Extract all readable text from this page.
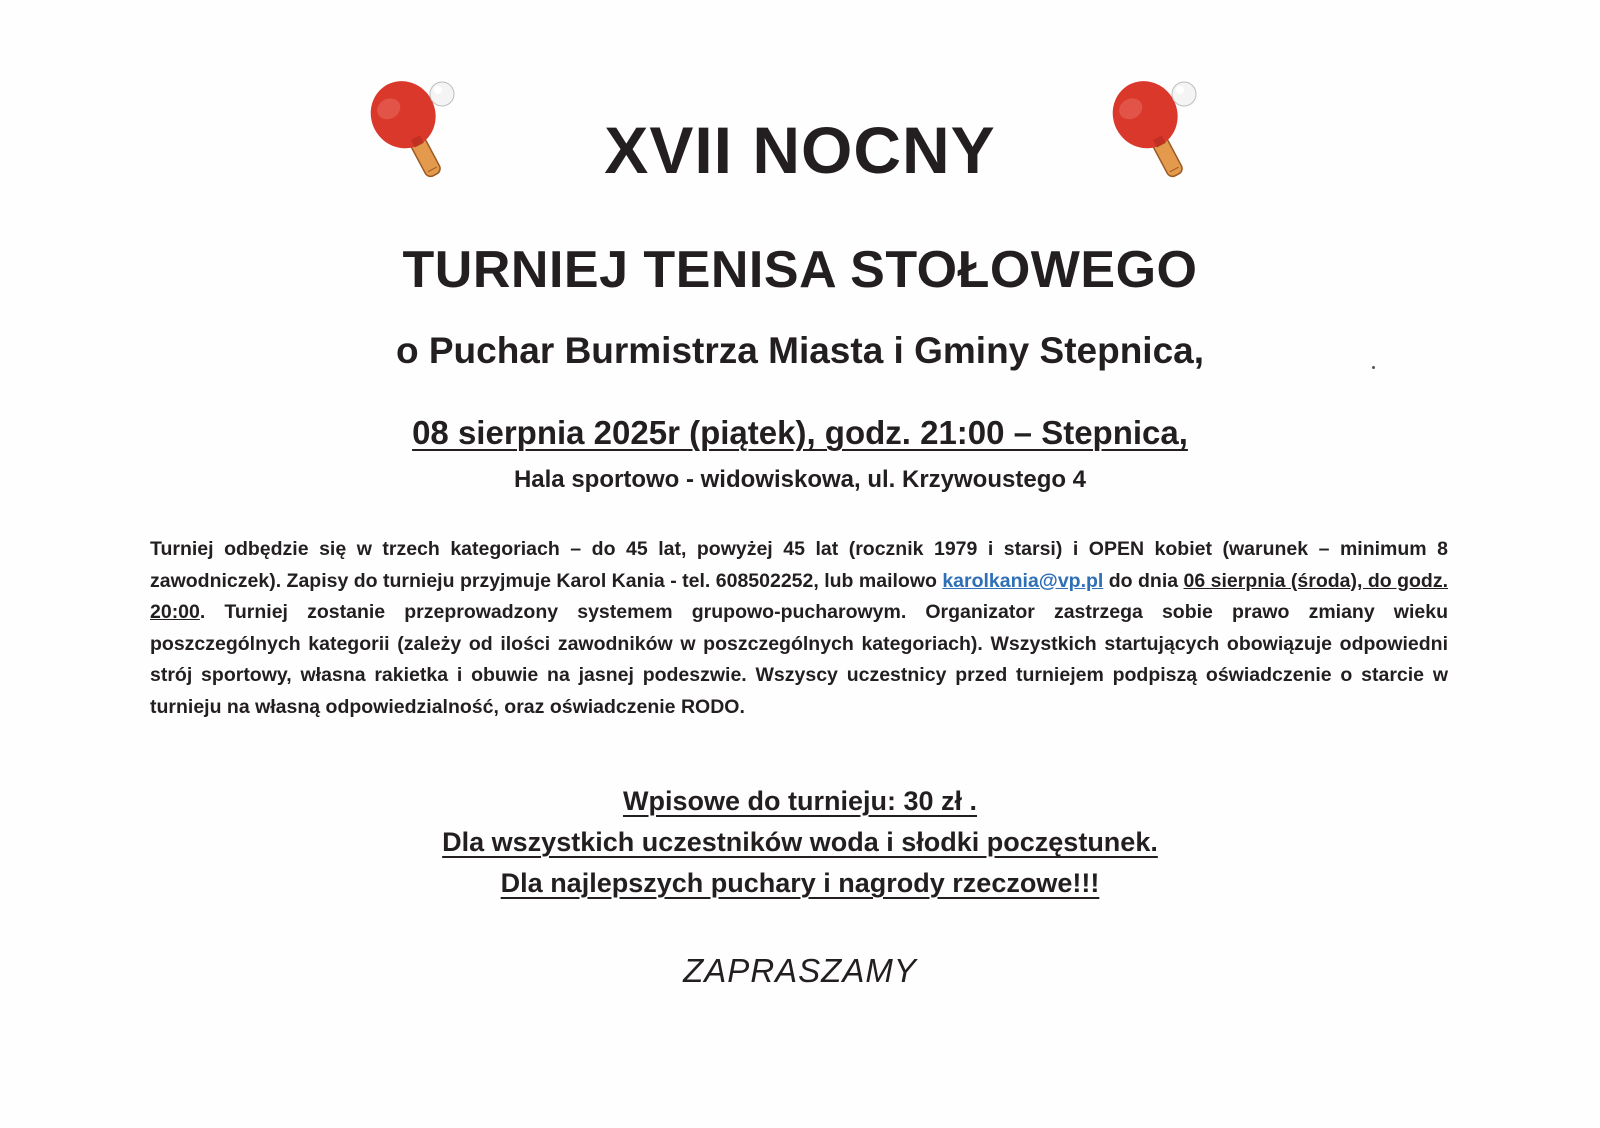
XVII NOCNY
TURNIEJ TENISA STOŁOWEGO
o Puchar Burmistrza Miasta i Gminy Stepnica,
08 sierpnia 2025r (piątek), godz. 21:00 – Stepnica,
Hala sportowo - widowiskowa, ul. Krzywoustego 4
Turniej odbędzie się w trzech kategoriach – do 45 lat, powyżej 45 lat (rocznik 1979 i starsi) i OPEN kobiet (warunek – minimum 8 zawodniczek). Zapisy do turnieju przyjmuje Karol Kania - tel. 608502252, lub mailowo karolkania@vp.pl do dnia 06 sierpnia (środa), do godz. 20:00. Turniej zostanie przeprowadzony systemem grupowo-pucharowym. Organizator zastrzega sobie prawo zmiany wieku poszczególnych kategorii (zależy od ilości zawodników w poszczególnych kategoriach). Wszystkich startujących obowiązuje odpowiedni strój sportowy, własna rakietka i obuwie na jasnej podeszwie. Wszyscy uczestnicy przed turniejem podpiszą oświadczenie o starcie w turnieju na własną odpowiedzialność, oraz oświadczenie RODO.
Wpisowe do turnieju: 30 zł .
Dla wszystkich uczestników woda i słodki poczęstunek.
Dla najlepszych puchary i nagrody rzeczowe!!!
ZAPRASZAMY
